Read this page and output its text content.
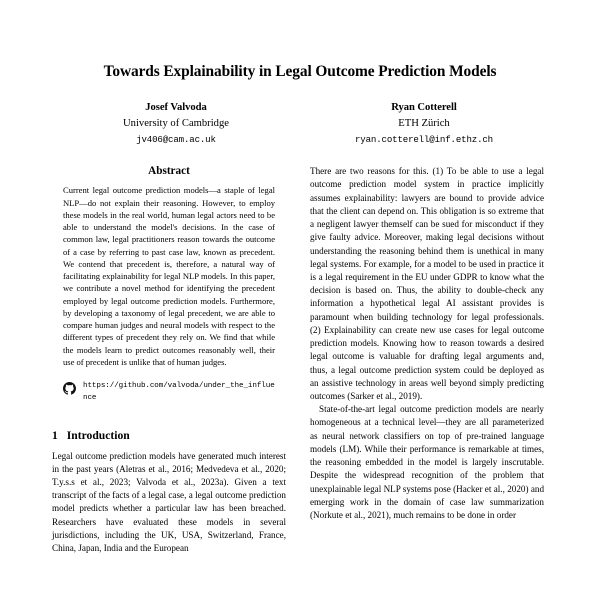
Towards Explainability in Legal Outcome Prediction Models
Josef Valvoda
University of Cambridge
jv406@cam.ac.uk
Ryan Cotterell
ETH Zürich
ryan.cotterell@inf.ethz.ch
Abstract

Current legal outcome prediction models—a staple of legal NLP—do not explain their reasoning. However, to employ these models in the real world, human legal actors need to be able to understand the model's decisions. In the case of common law, legal practitioners reason towards the outcome of a case by referring to past case law, known as precedent. We contend that precedent is, therefore, a natural way of facilitating explainability for legal NLP models. In this paper, we contribute a novel method for identifying the precedent employed by legal outcome prediction models. Furthermore, by developing a taxonomy of legal precedent, we are able to compare human judges and neural models with respect to the different types of precedent they rely on. We find that while the models learn to predict outcomes reasonably well, their use of precedent is unlike that of human judges.

https://github.com/valvoda/under_the_influence
1 Introduction

Legal outcome prediction models have generated much interest in the past years (Aletras et al., 2016; Medvedeva et al., 2020; T.y.s.s et al., 2023; Valvoda et al., 2023a). Given a text transcript of the facts of a legal case, a legal outcome prediction model predicts whether a particular law has been breached. Researchers have evaluated these models in several jurisdictions, including the UK, USA, Switzerland, France, China, Japan, India and the European

There are two reasons for this. (1) To be able to use a legal outcome prediction model system in practice implicitly assumes explainability: lawyers are bound to provide advice that the client can depend on. This obligation is so extreme that a negligent lawyer themself can be sued for misconduct if they give faulty advice. Moreover, making legal decisions without understanding the reasoning behind them is unethical in many legal systems. For example, for a model to be used in practice it is a legal requirement in the EU under GDPR to know what the decision is based on. Thus, the ability to double-check any information a hypothetical legal AI assistant provides is paramount when building technology for legal professionals. (2) Explainability can create new use cases for legal outcome prediction models. Knowing how to reason towards a desired legal outcome is valuable for drafting legal arguments and, thus, a legal outcome prediction system could be deployed as an assistive technology in areas well beyond simply predicting outcomes (Sarker et al., 2019).

State-of-the-art legal outcome prediction models are nearly homogeneous at a technical level—they are all parameterized as neural network classifiers on top of pre-trained language models (LM). While their performance is remarkable at times, the reasoning embedded in the model is largely inscrutable. Despite the widespread recognition of the problem that unexplainable legal NLP systems pose (Hacker et al., 2020) and emerging work in the domain of case law summarization (Norkute et al., 2021), much remains to be done in order
